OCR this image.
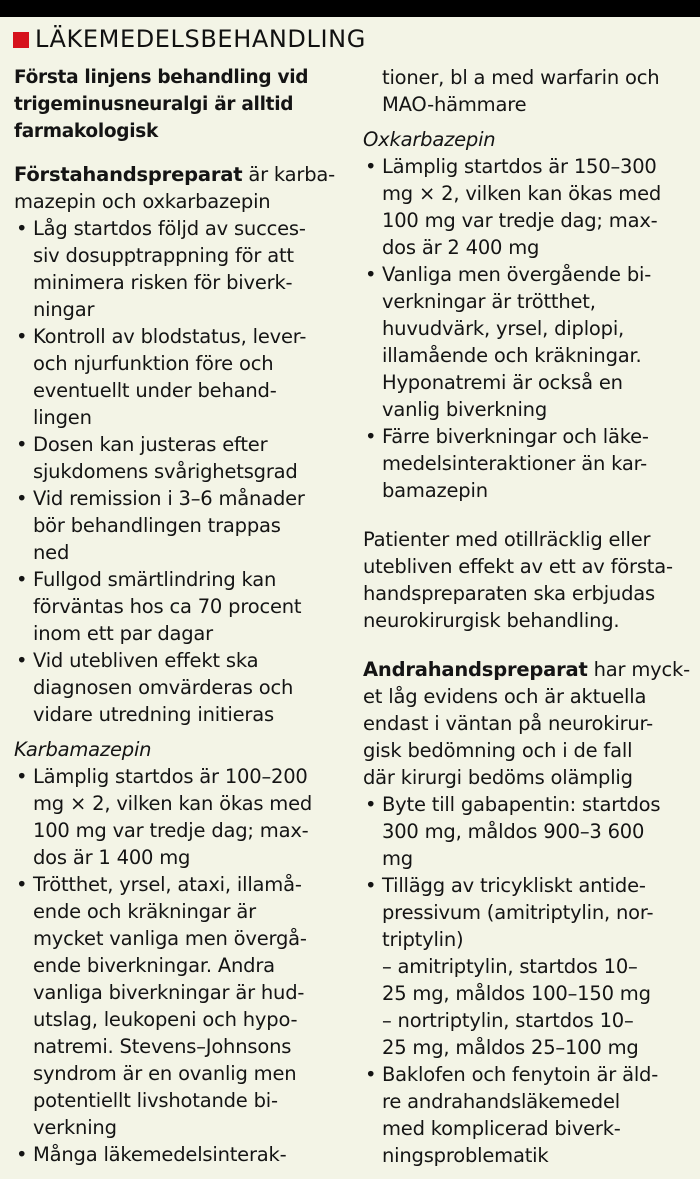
LÄKEMEDELSBEHANDLING
Första linjens behandling vid
trigeminusneuralgi är alltid
farmakologisk
Förstahandspreparat är karba-
mazepin och oxkarbazepin
• Låg startdos följd av succes-
siv dosupptrappning för att
minimera risken för biverk-
ningar
• Kontroll av blodstatus, lever-
och njurfunktion före och
eventuellt under behand-
lingen
• Dosen kan justeras efter
sjukdomens svårighetsgrad
• Vid remission i 3–6 månader
bör behandlingen trappas
ned
• Fullgod smärtlindring kan
förväntas hos ca 70 procent
inom ett par dagar
• Vid utebliven effekt ska
diagnosen omvärderas och
vidare utredning initieras
Karbamazepin
• Lämplig startdos är 100–200
mg × 2, vilken kan ökas med
100 mg var tredje dag; max-
dos är 1 400 mg
• Trötthet, yrsel, ataxi, illamå-
ende och kräkningar är
mycket vanliga men övergå-
ende biverkningar. Andra
vanliga biverkningar är hud-
utslag, leukopeni och hypo-
natremi. Stevens–Johnsons
syndrom är en ovanlig men
potentiellt livshotande bi-
verkning
• Många läkemedelsinterak-
tioner, bl a med warfarin och
MAO-hämmare
Oxkarbazepin
• Lämplig startdos är 150–300
mg × 2, vilken kan ökas med
100 mg var tredje dag; max-
dos är 2 400 mg
• Vanliga men övergående bi-
verkningar är trötthet,
huvudvärk, yrsel, diplopi,
illamående och kräkningar.
Hyponatremi är också en
vanlig biverkning
• Färre biverkningar och läke-
medelsinteraktioner än kar-
bamazepin
Patienter med otillräcklig eller
utebliven effekt av ett av första-
handspreparaten ska erbjudas
neurokirurgisk behandling.
Andrahandspreparat har myck-
et låg evidens och är aktuella
endast i väntan på neurokirur-
gisk bedömning och i de fall
där kirurgi bedöms olämplig
• Byte till gabapentin: startdos
300 mg, måldos 900–3 600
mg
• Tillägg av tricykliskt antide-
pressivum (amitriptylin, nor-
triptylin)
– amitriptylin, startdos 10–
25 mg, måldos 100–150 mg
– nortriptylin, startdos 10–
25 mg, måldos 25–100 mg
• Baklofen och fenytoin är äld-
re andrahandsläkemedel
med komplicerad biverk-
ningsproblematik
